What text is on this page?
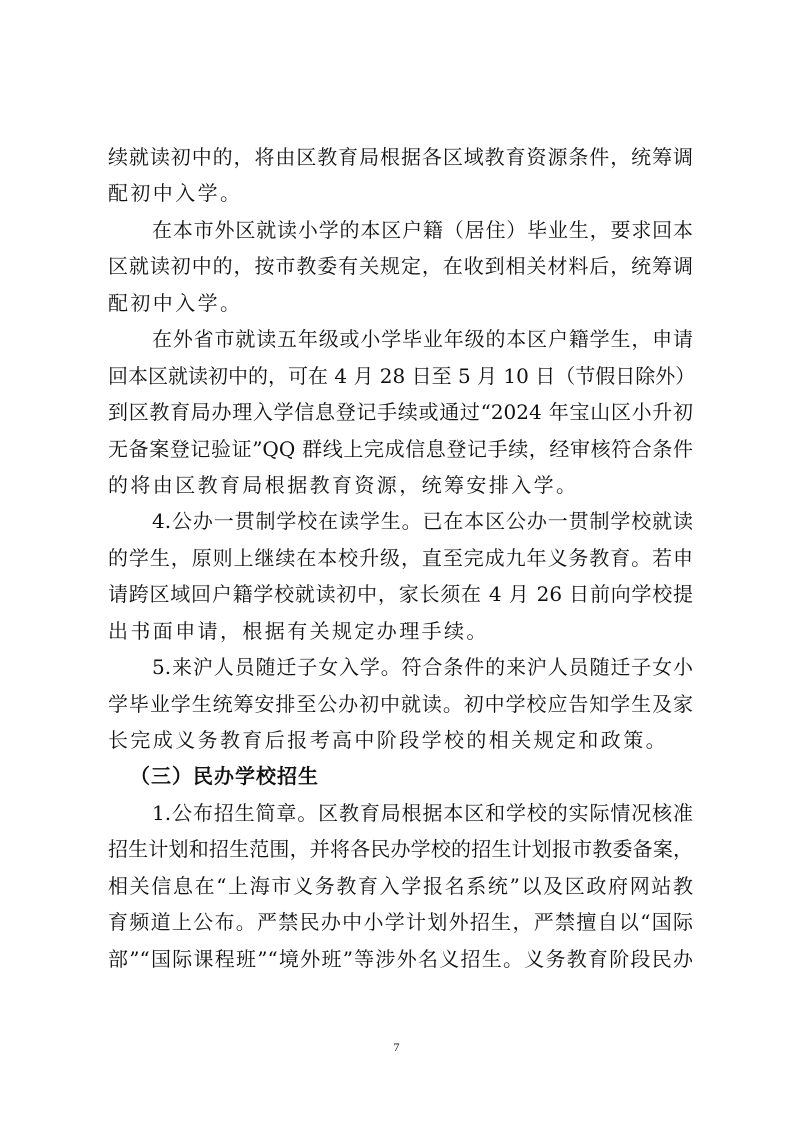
续就读初中的，将由区教育局根据各区域教育资源条件，统筹调
配初中入学。
在本市外区就读小学的本区户籍（居住）毕业生，要求回本
区就读初中的，按市教委有关规定，在收到相关材料后，统筹调
配初中入学。
在外省市就读五年级或小学毕业年级的本区户籍学生，申请
回本区就读初中的，可在 4 月 28 日至 5 月 10 日（节假日除外）
到区教育局办理入学信息登记手续或通过“2024 年宝山区小升初
无备案登记验证”QQ 群线上完成信息登记手续，经审核符合条件
的将由区教育局根据教育资源，统筹安排入学。
4.公办一贯制学校在读学生。已在本区公办一贯制学校就读
的学生，原则上继续在本校升级，直至完成九年义务教育。若申
请跨区域回户籍学校就读初中，家长须在 4 月 26 日前向学校提
出书面申请，根据有关规定办理手续。
5.来沪人员随迁子女入学。符合条件的来沪人员随迁子女小
学毕业学生统筹安排至公办初中就读。初中学校应告知学生及家
长完成义务教育后报考高中阶段学校的相关规定和政策。
（三）民办学校招生
1.公布招生简章。区教育局根据本区和学校的实际情况核准
招生计划和招生范围，并将各民办学校的招生计划报市教委备案，
相关信息在“上海市义务教育入学报名系统”以及区政府网站教
育频道上公布。严禁民办中小学计划外招生，严禁擅自以“国际
部”“国际课程班”“境外班”等涉外名义招生。义务教育阶段民办
7
